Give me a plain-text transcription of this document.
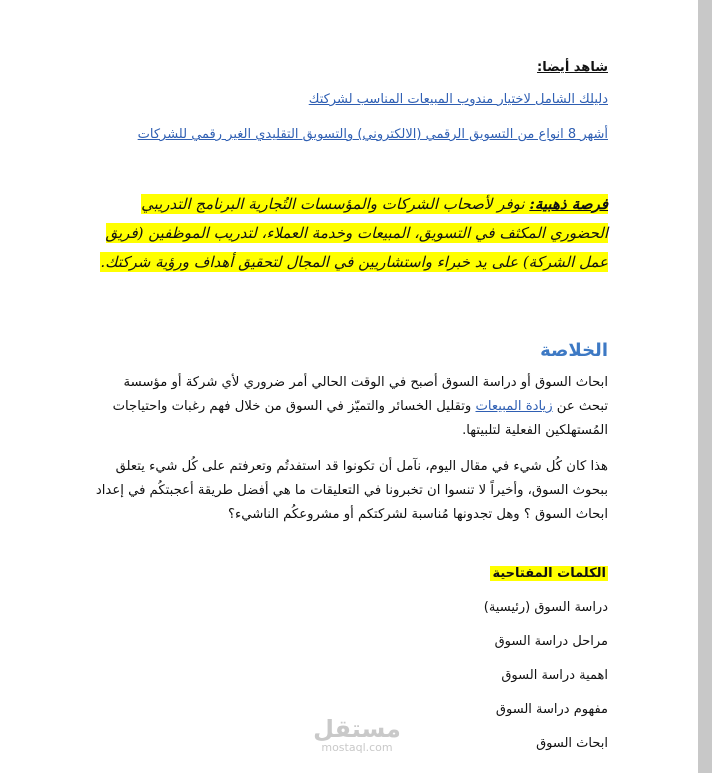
شاهد أيضا:
دليلك الشامل لاختيار مندوب المبيعات المناسب لشركتك
أشهر 8 انواع من التسويق الرقمي (الالكتروني) والتسويق التقليدي الغير رقمي للشركات
فرصة ذهبية: نوفر لأصحاب الشركات والمؤسسات التُجارية البرنامج التدريبي الحضوري المكثف في التسويق، المبيعات وخدمة العملاء، لتدريب الموظفين (فريق عمل الشركة) على يد خبراء واستشاريين في المجال لتحقيق أهداف ورؤية شركتك.
الخلاصة
ابحاث السوق أو دراسة السوق أصبح في الوقت الحالي أمر ضروري لأي شركة أو مؤسسة تبحث عن زيادة المبيعات وتقليل الخسائر والتميّز في السوق من خلال فهم رغبات واحتياجات المُستهلكين الفعلية لتلبيتها.
هذا كان كُل شيء في مقال اليوم، نآمل أن تكونوا قد استفدتُم وتعرفتم على كُل شيء يتعلق ببحوث السوق، وأخيراً لا تنسوا ان تخبرونا في التعليقات ما هي أفضل طريقة أعجبتكُم في إعداد ابحاث السوق ؟ وهل تجدونها مُناسبة لشركتكم أو مشروعكُم الناشيء؟
الكلمات المفتاحية
دراسة السوق (رئيسية)
مراحل دراسة السوق
اهمية دراسة السوق
مفهوم دراسة السوق
ابحاث السوق
مستقل
mostaql.com
